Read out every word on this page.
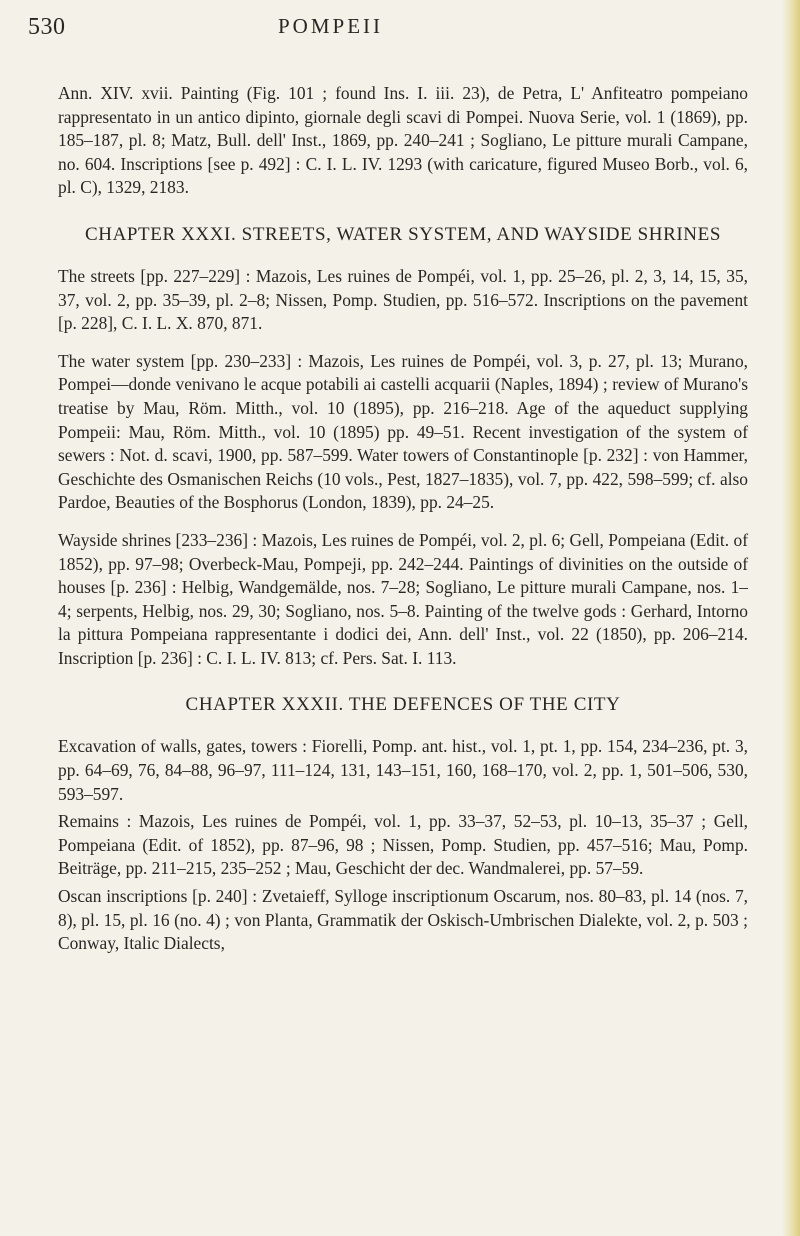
530	POMPEII

Ann. XIV. xvii. Painting (Fig. 101 ; found Ins. I. iii. 23), de Petra, L' Anfiteatro pompeiano rappresentato in un antico dipinto, giornale degli scavi di Pompei. Nuova Serie, vol. 1 (1869), pp. 185–187, pl. 8; Matz, Bull. dell' Inst., 1869, pp. 240–241 ; Sogliano, Le pitture murali Campane, no. 604. Inscriptions [see p. 492] : C. I. L. IV. 1293 (with caricature, figured Museo Borb., vol. 6, pl. C), 1329, 2183.

CHAPTER XXXI. STREETS, WATER SYSTEM, AND WAYSIDE SHRINES

The streets [pp. 227–229] : Mazois, Les ruines de Pompéi, vol. 1, pp. 25–26, pl. 2, 3, 14, 15, 35, 37, vol. 2, pp. 35–39, pl. 2–8; Nissen, Pomp. Studien, pp. 516–572. Inscriptions on the pavement [p. 228], C. I. L. X. 870, 871.

The water system [pp. 230–233] : Mazois, Les ruines de Pompéi, vol. 3, p. 27, pl. 13; Murano, Pompei—donde venivano le acque potabili ai castelli acquarii (Naples, 1894) ; review of Murano's treatise by Mau, Röm. Mitth., vol. 10 (1895), pp. 216–218. Age of the aqueduct supplying Pompeii: Mau, Röm. Mitth., vol. 10 (1895) pp. 49–51. Recent investigation of the system of sewers : Not. d. scavi, 1900, pp. 587–599. Water towers of Constantinople [p. 232] : von Hammer, Geschichte des Osmanischen Reichs (10 vols., Pest, 1827–1835), vol. 7, pp. 422, 598–599; cf. also Pardoe, Beauties of the Bosphorus (London, 1839), pp. 24–25.

Wayside shrines [233–236] : Mazois, Les ruines de Pompéi, vol. 2, pl. 6; Gell, Pompeiana (Edit. of 1852), pp. 97–98; Overbeck-Mau, Pompeji, pp. 242–244. Paintings of divinities on the outside of houses [p. 236] : Helbig, Wandgemälde, nos. 7–28; Sogliano, Le pitture murali Campane, nos. 1–4; serpents, Helbig, nos. 29, 30; Sogliano, nos. 5–8. Painting of the twelve gods : Gerhard, Intorno la pittura Pompeiana rappresentante i dodici dei, Ann. dell' Inst., vol. 22 (1850), pp. 206–214. Inscription [p. 236] : C. I. L. IV. 813; cf. Pers. Sat. I. 113.

CHAPTER XXXII. THE DEFENCES OF THE CITY

Excavation of walls, gates, towers : Fiorelli, Pomp. ant. hist., vol. 1, pt. 1, pp. 154, 234–236, pt. 3, pp. 64–69, 76, 84–88, 96–97, 111–124, 131, 143–151, 160, 168–170, vol. 2, pp. 1, 501–506, 530, 593–597.

Remains : Mazois, Les ruines de Pompéi, vol. 1, pp. 33–37, 52–53, pl. 10–13, 35–37 ; Gell, Pompeiana (Edit. of 1852), pp. 87–96, 98 ; Nissen, Pomp. Studien, pp. 457–516; Mau, Pomp. Beiträge, pp. 211–215, 235–252 ; Mau, Geschicht der dec. Wandmalerei, pp. 57–59.

Oscan inscriptions [p. 240] : Zvetaieff, Sylloge inscriptionum Oscarum, nos. 80–83, pl. 14 (nos. 7, 8), pl. 15, pl. 16 (no. 4) ; von Planta, Grammatik der Oskisch-Umbrischen Dialekte, vol. 2, p. 503 ; Conway, Italic Dialects,
